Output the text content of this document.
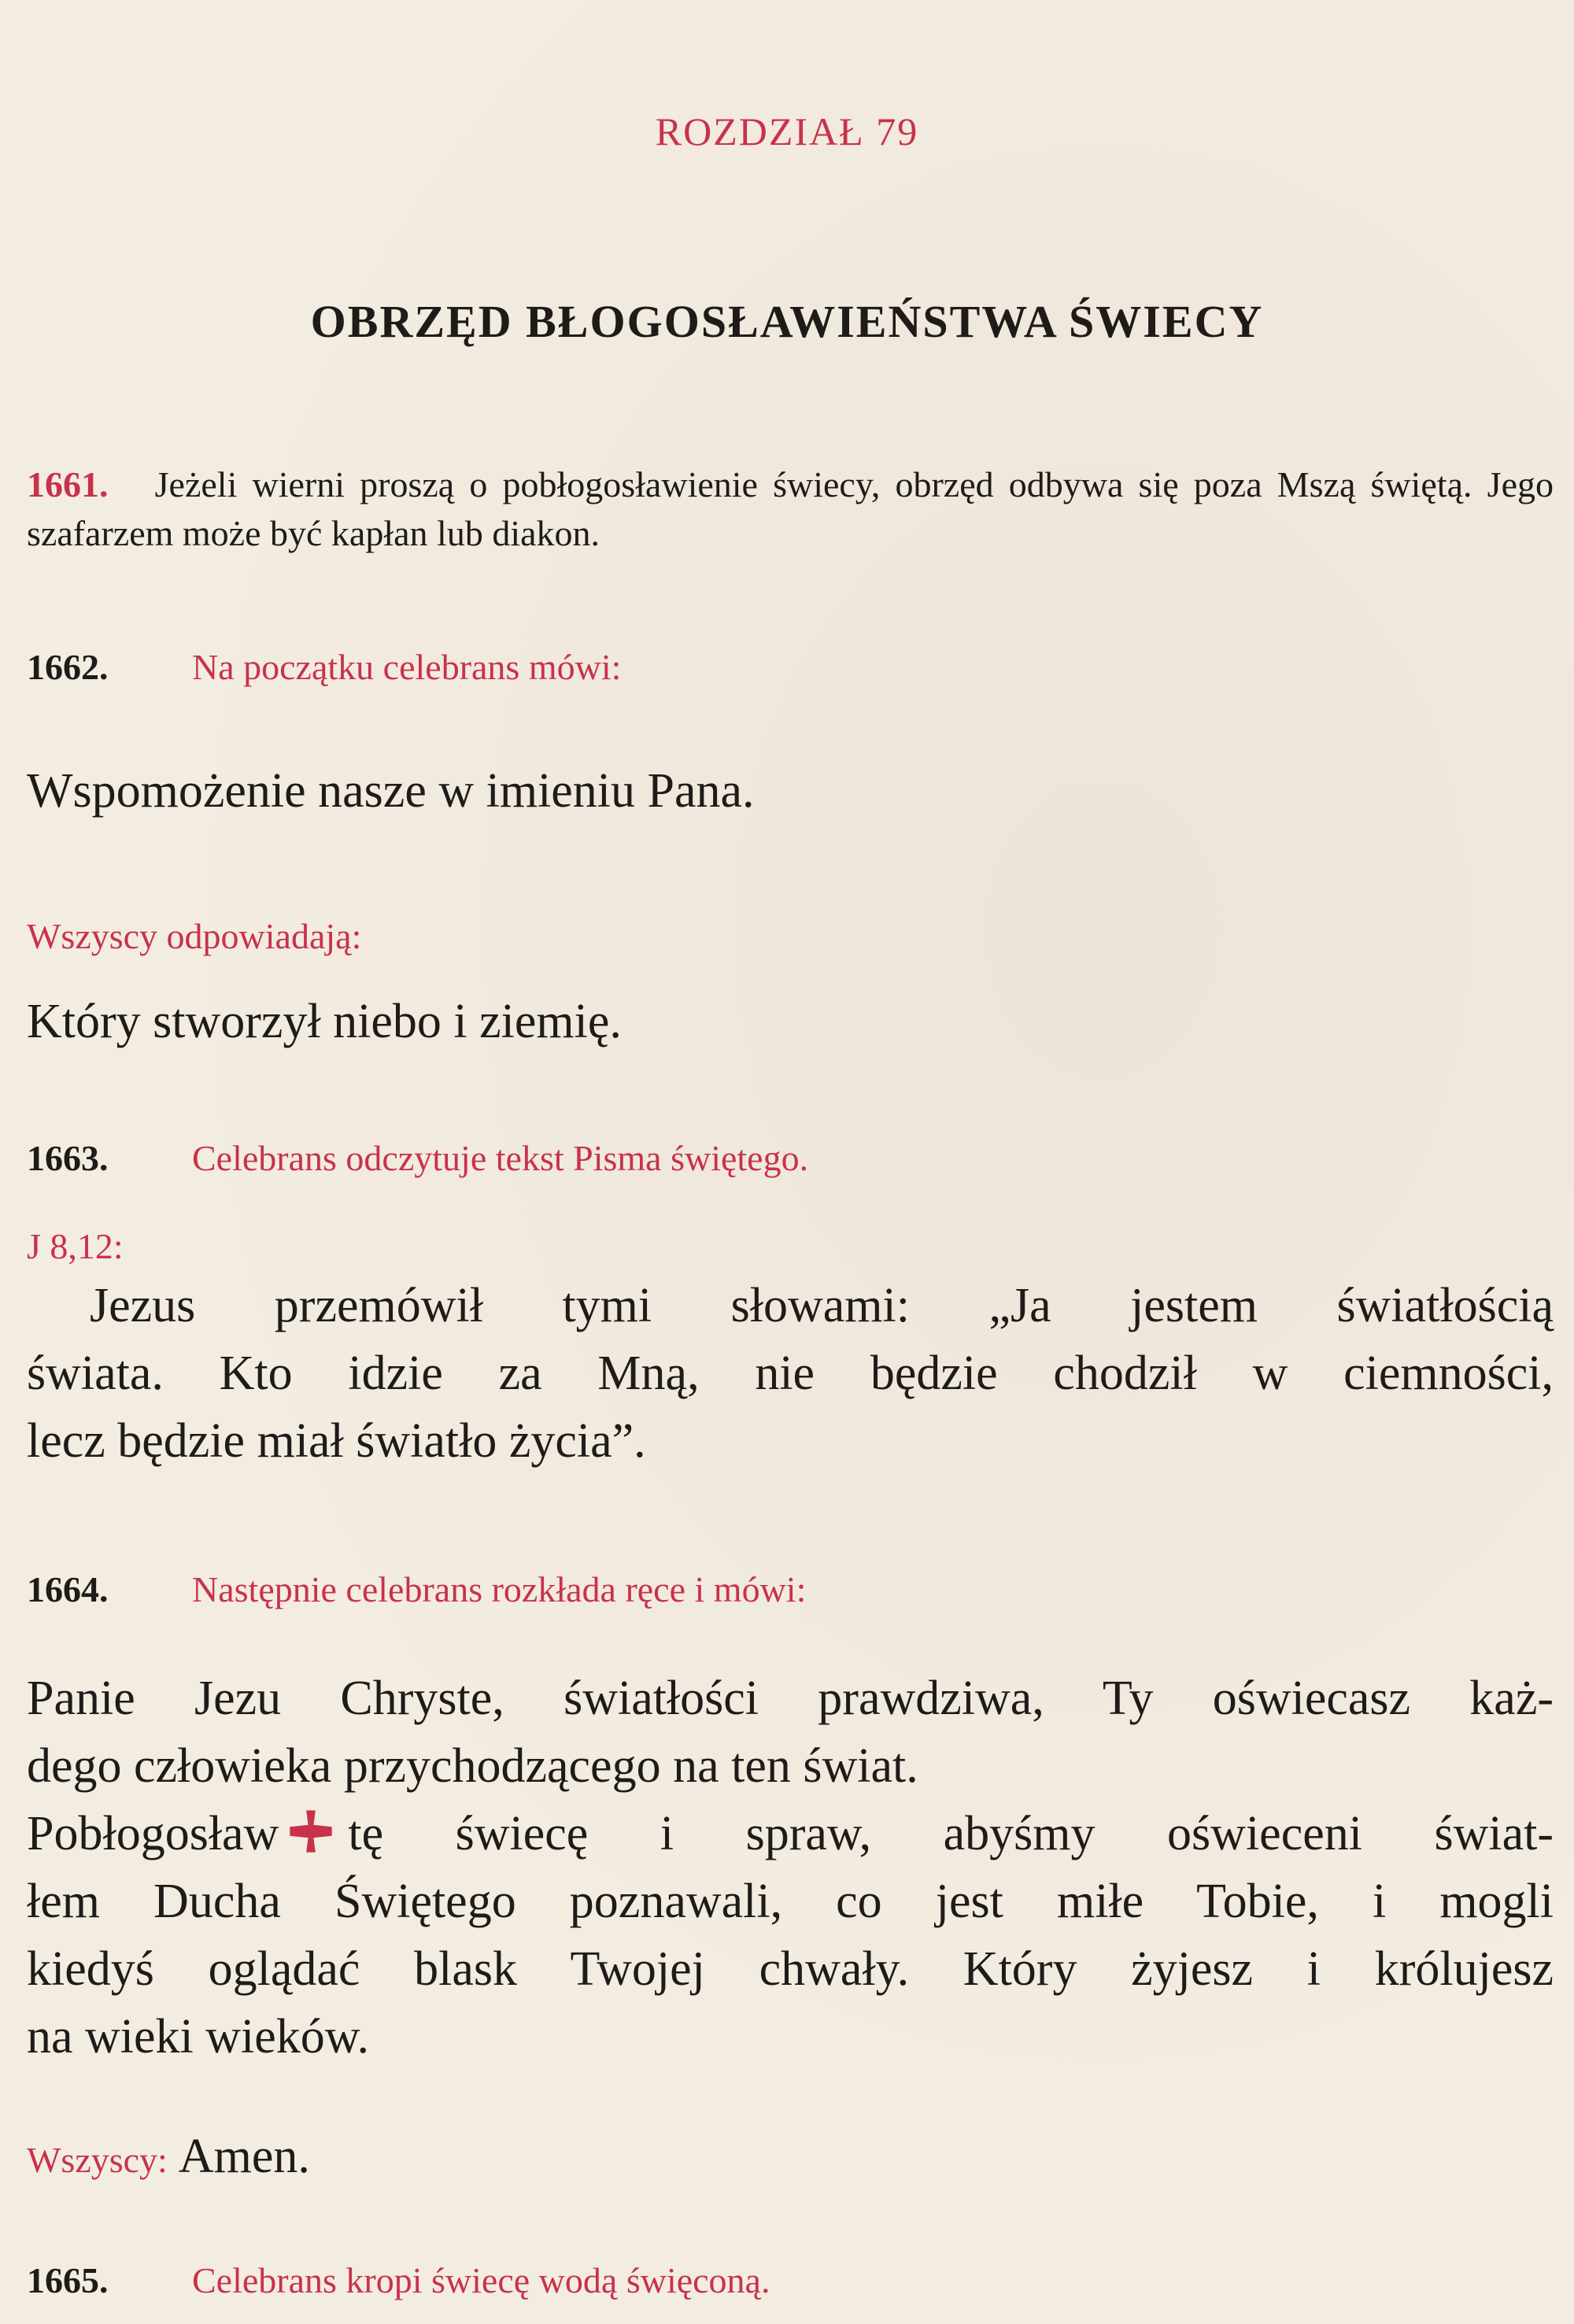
ROZDZIAŁ 79
OBRZĘD BŁOGOSŁAWIEŃSTWA ŚWIECY
1661. Jeżeli wierni proszą o pobłogosławienie świecy, obrzęd odbywa się poza Mszą świętą. Jego szafarzem może być kapłan lub diakon.
1662. Na początku celebrans mówi:
Wspomożenie nasze w imieniu Pana.
Wszyscy odpowiadają:
Który stworzył niebo i ziemię.
1663. Celebrans odczytuje tekst Pisma świętego.
J 8,12:
Jezus przemówił tymi słowami: „Ja jestem światłością
świata. Kto idzie za Mną, nie będzie chodził w ciemności,
lecz będzie miał światło życia”.
1664. Następnie celebrans rozkłada ręce i mówi:
Panie Jezu Chryste, światłości prawdziwa, Ty oświecasz każ-
dego człowieka przychodzącego na ten świat.
Pobłogosław tę świecę i spraw, abyśmy oświeceni świat-
łem Ducha Świętego poznawali, co jest miłe Tobie, i mogli
kiedyś oglądać blask Twojej chwały. Który żyjesz i królujesz
na wieki wieków.
Wszyscy: Amen.
1665. Celebrans kropi świecę wodą święconą.
